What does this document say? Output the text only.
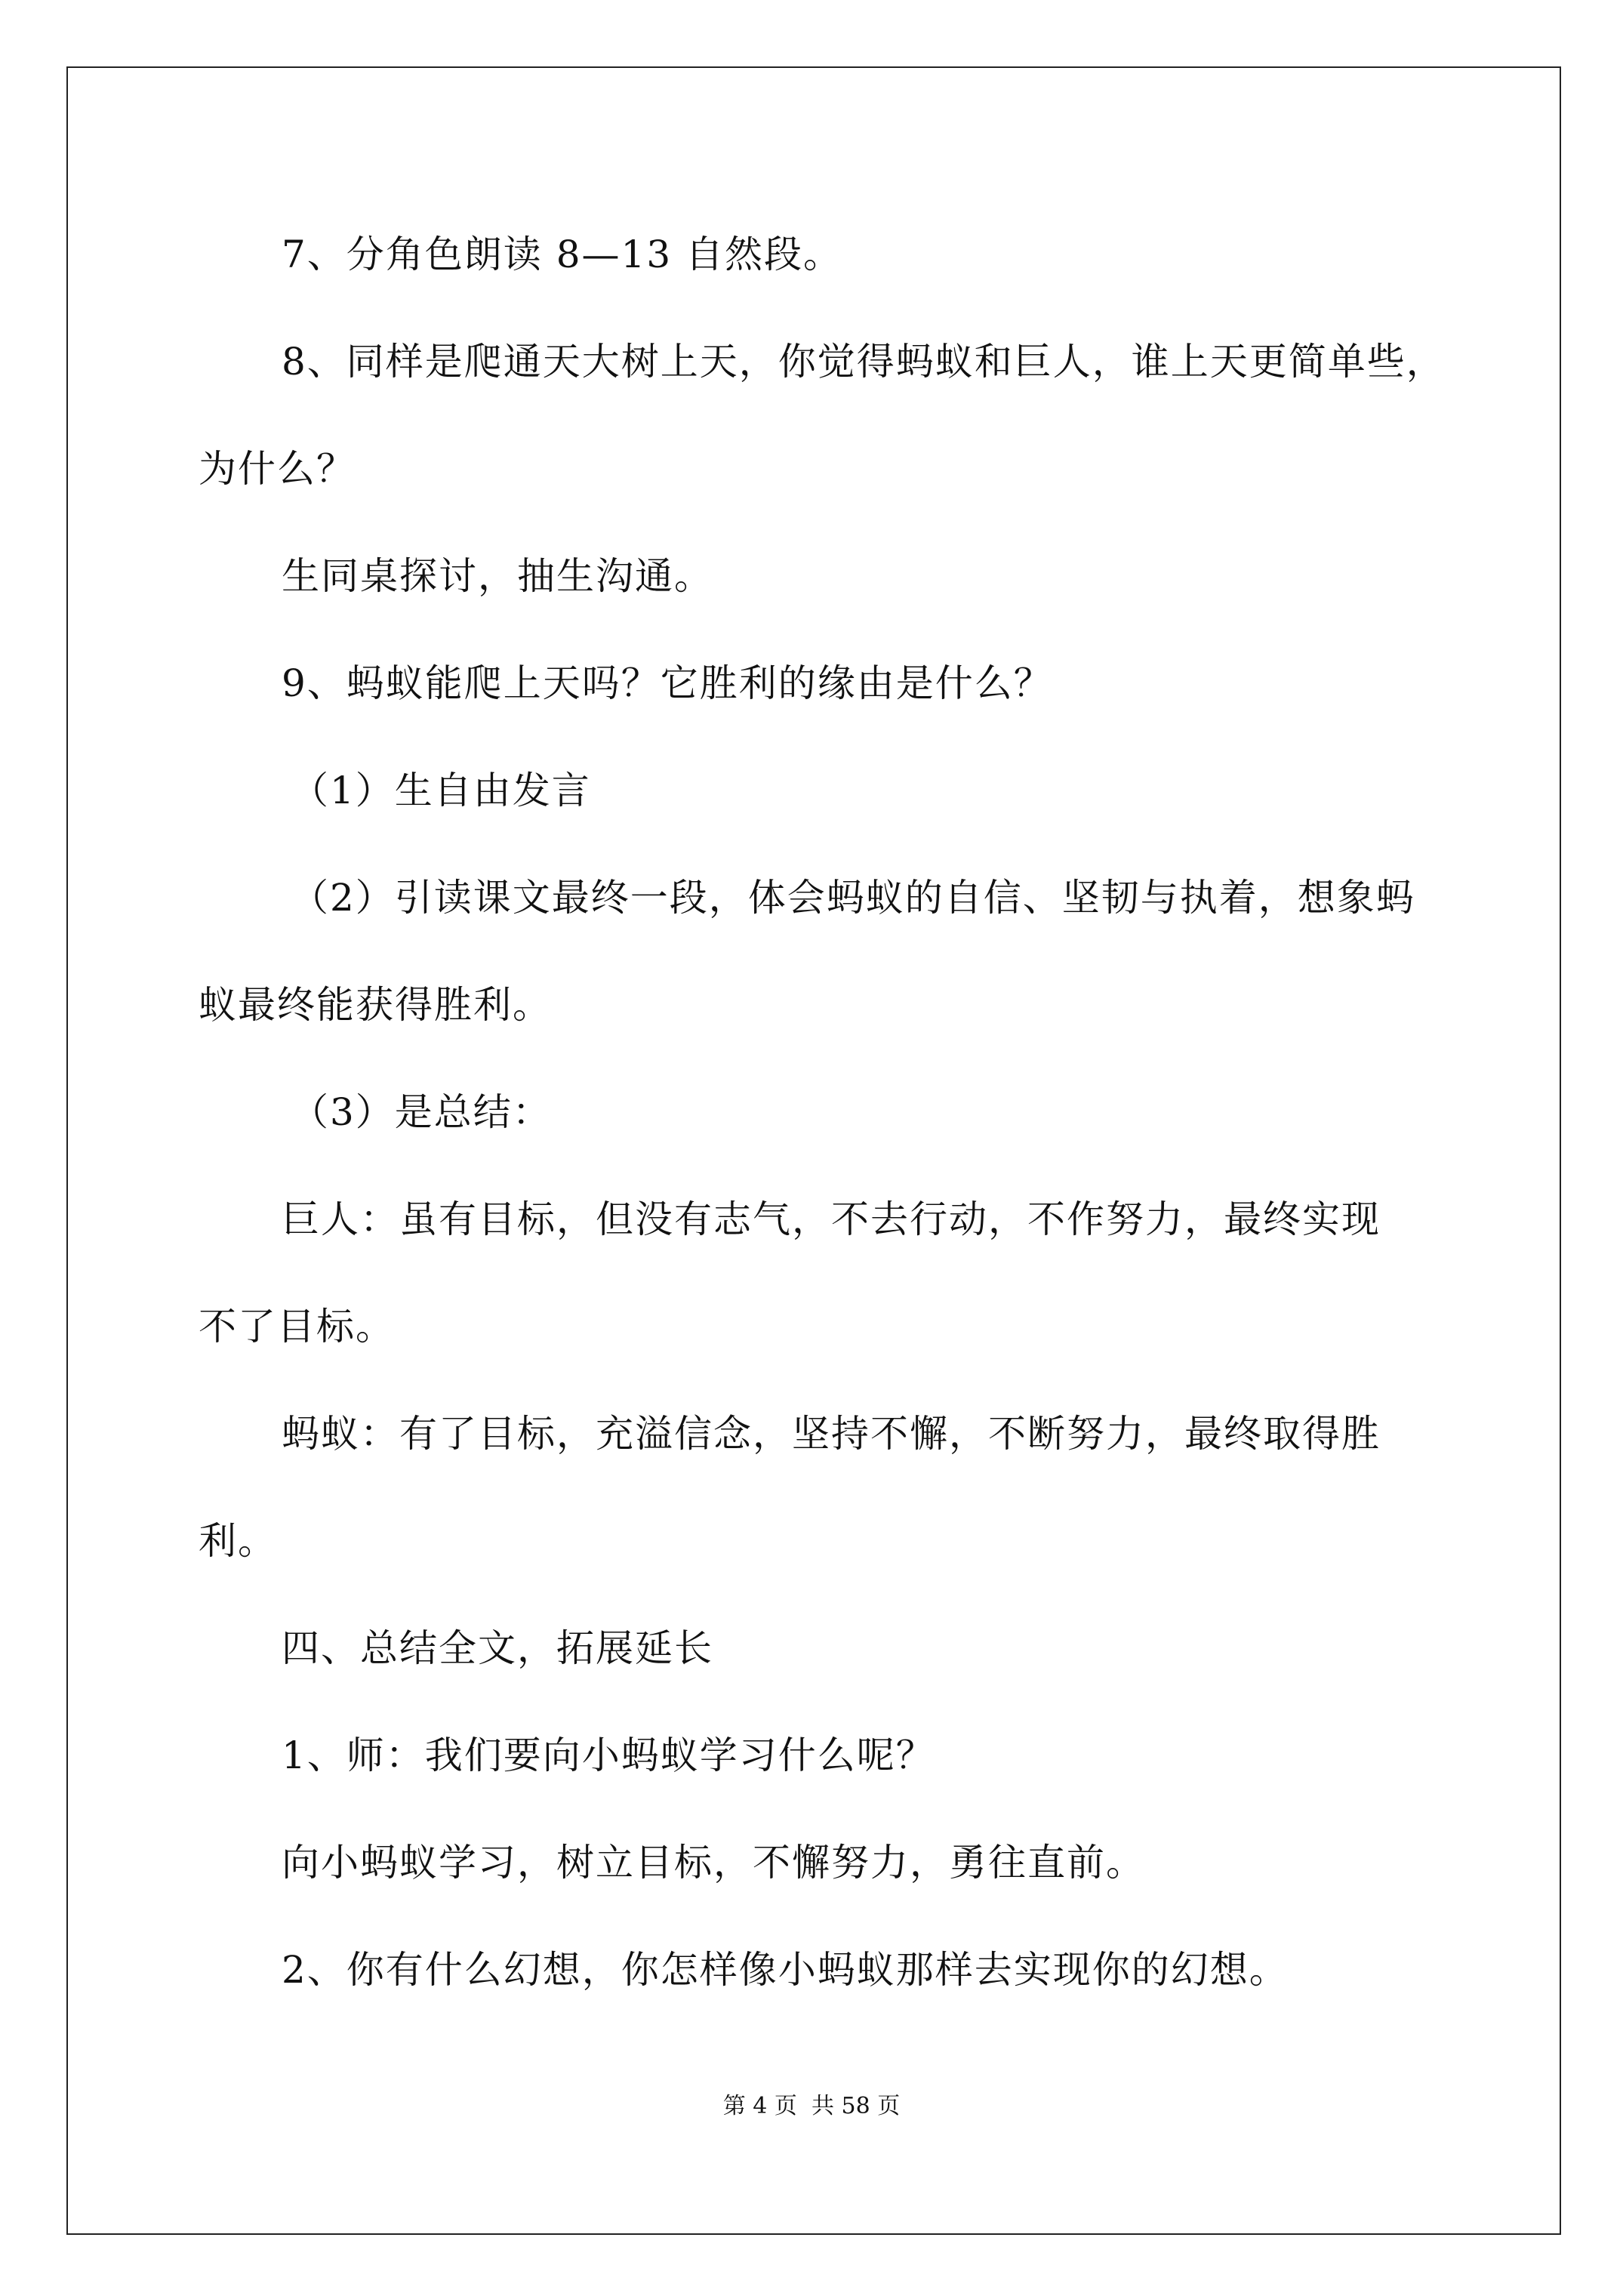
7、分角色朗读 8—13 自然段。
8、同样是爬通天大树上天，你觉得蚂蚁和巨人，谁上天更简单些，
为什么？
生同桌探讨，抽生沟通。
9、蚂蚁能爬上天吗？它胜利的缘由是什么？
（1）生自由发言
（2）引读课文最终一段，体会蚂蚁的自信、坚韧与执着，想象蚂
蚁最终能获得胜利。
（3）是总结：
巨人：虽有目标，但没有志气，不去行动，不作努力，最终实现
不了目标。
蚂蚁：有了目标，充溢信念，坚持不懈，不断努力，最终取得胜
利。
四、总结全文，拓展延长
1、师：我们要向小蚂蚁学习什么呢？
向小蚂蚁学习，树立目标，不懈努力，勇往直前。
2、你有什么幻想，你怎样像小蚂蚁那样去实现你的幻想。
第 4 页  共 58 页
